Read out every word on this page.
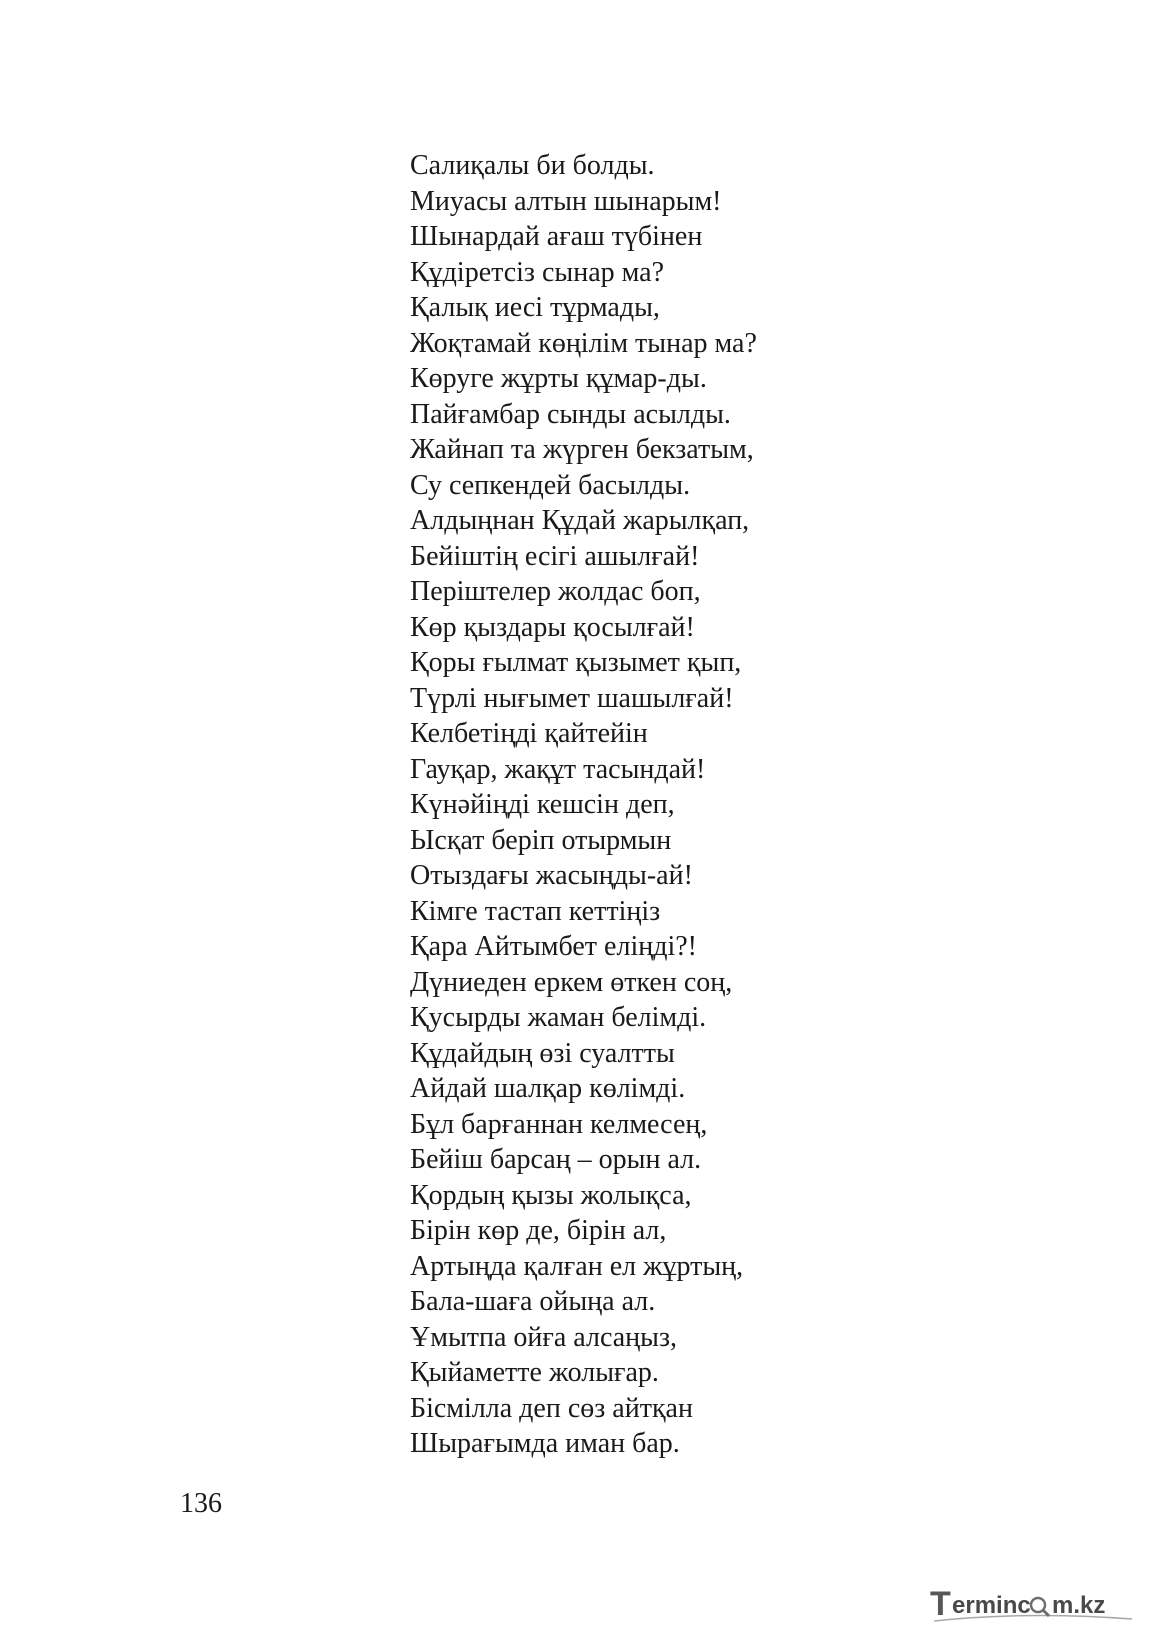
Салиқалы би болды.
Миуасы алтын шынарым!
Шынардай ағаш түбінен
Құдіретсіз сынар ма?
Қалық иесі тұрмады,
Жоқтамай көңілім тынар ма?
Көруге жұрты құмар-ды.
Пайғамбар сынды асылды.
Жайнап та жүрген бекзатым,
Су сепкендей басылды.
Алдыңнан Құдай жарылқап,
Бейіштің есігі ашылғай!
Періштелер жолдас боп,
Көр қыздары қосылғай!
Қоры ғылмат қызымет қып,
Түрлі нығымет шашылғай!
Келбетіңді қайтейін
Гауқар, жақұт тасындай!
Күнәйіңді кешсін деп,
Ысқат беріп отырмын
Отыздағы жасыңды-ай!
Кімге тастап кеттіңіз
Қара Айтымбет еліңді?!
Дүниеден еркем өткен соң,
Қусырды жаман белімді.
Құдайдың өзі суалтты
Айдай шалқар көлімді.
Бұл барғаннан келмесең,
Бейіш барсаң – орын ал.
Қордың қызы жолықса,
Бірін көр де, бірін ал,
Артыңда қалған ел жұртың,
Бала-шаға ойыңа ал.
Ұмытпа ойға алсаңыз,
Қыйаметте жолығар.
Бісмілла деп сөз айтқан
Шырағымда иман бар.
136
T erminc m.kz
